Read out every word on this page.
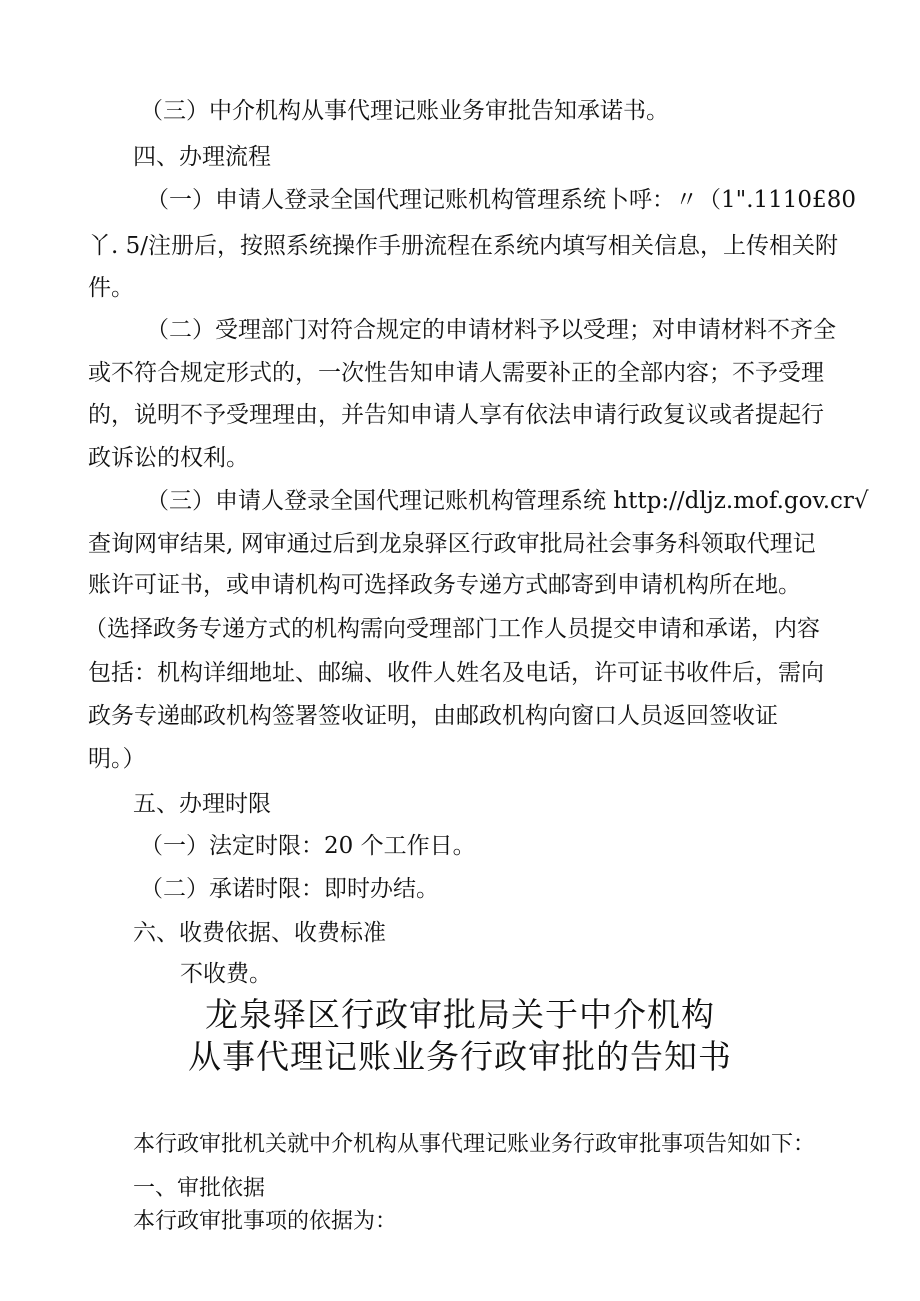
（三）中介机构从事代理记账业务审批告知承诺书。

四、办理流程

（一）申请人登录全国代理记账机构管理系统卜呼：〃（1".1110£80

丫. 5/注册后，按照系统操作手册流程在系统内填写相关信息，上传相关附

件。

（二）受理部门对符合规定的申请材料予以受理；对申请材料不齐全

或不符合规定形式的，一次性告知申请人需要补正的全部内容；不予受理

的，说明不予受理理由，并告知申请人享有依法申请行政复议或者提起行

政诉讼的权利。

（三）申请人登录全国代理记账机构管理系统 http://dljz.mof.gov.cr√

查询网审结果, 网审通过后到龙泉驿区行政审批局社会事务科领取代理记

账许可证书，或申请机构可选择政务专递方式邮寄到申请机构所在地。

（选择政务专递方式的机构需向受理部门工作人员提交申请和承诺，内容

包括：机构详细地址、邮编、收件人姓名及电话，许可证书收件后，需向

政务专递邮政机构签署签收证明，由邮政机构向窗口人员返回签收证

明。）

五、办理时限

（一）法定时限：20 个工作日。

（二）承诺时限：即时办结。

六、收费依据、收费标准

不收费。

龙泉驿区行政审批局关于中介机构
从事代理记账业务行政审批的告知书

本行政审批机关就中介机构从事代理记账业务行政审批事项告知如下：

一、审批依据

本行政审批事项的依据为：
